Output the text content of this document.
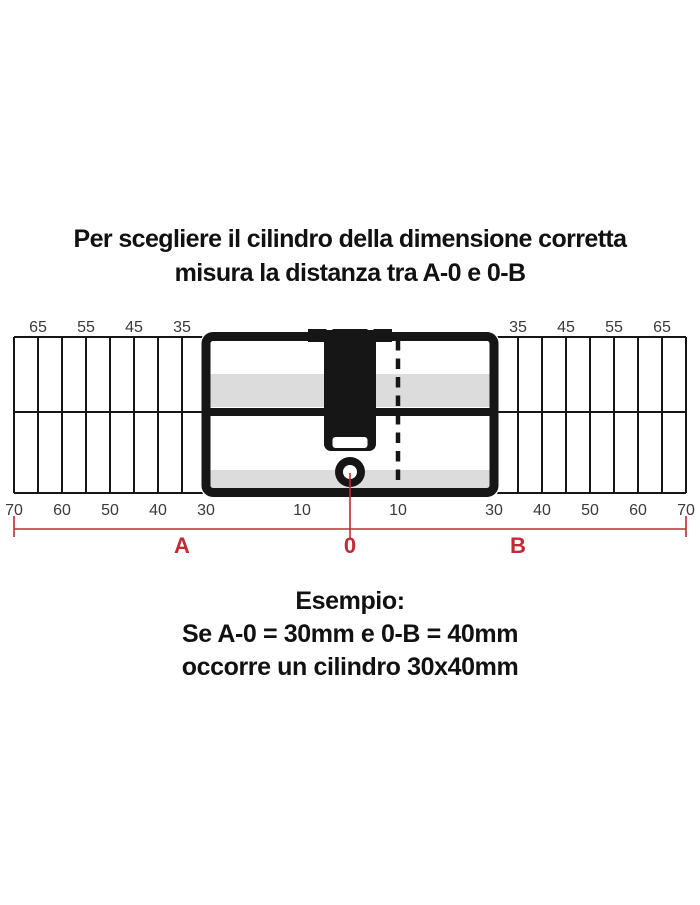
Per scegliere il cilindro della dimensione corretta
misura la distanza tra A-0 e 0-B
65 55 45 35	35 45 55 65
70 60 50 40 30	10	10	30 40 50 60 70
A	0	B
Esempio:
Se A-0 = 30mm e 0-B = 40mm
occorre un cilindro 30x40mm
